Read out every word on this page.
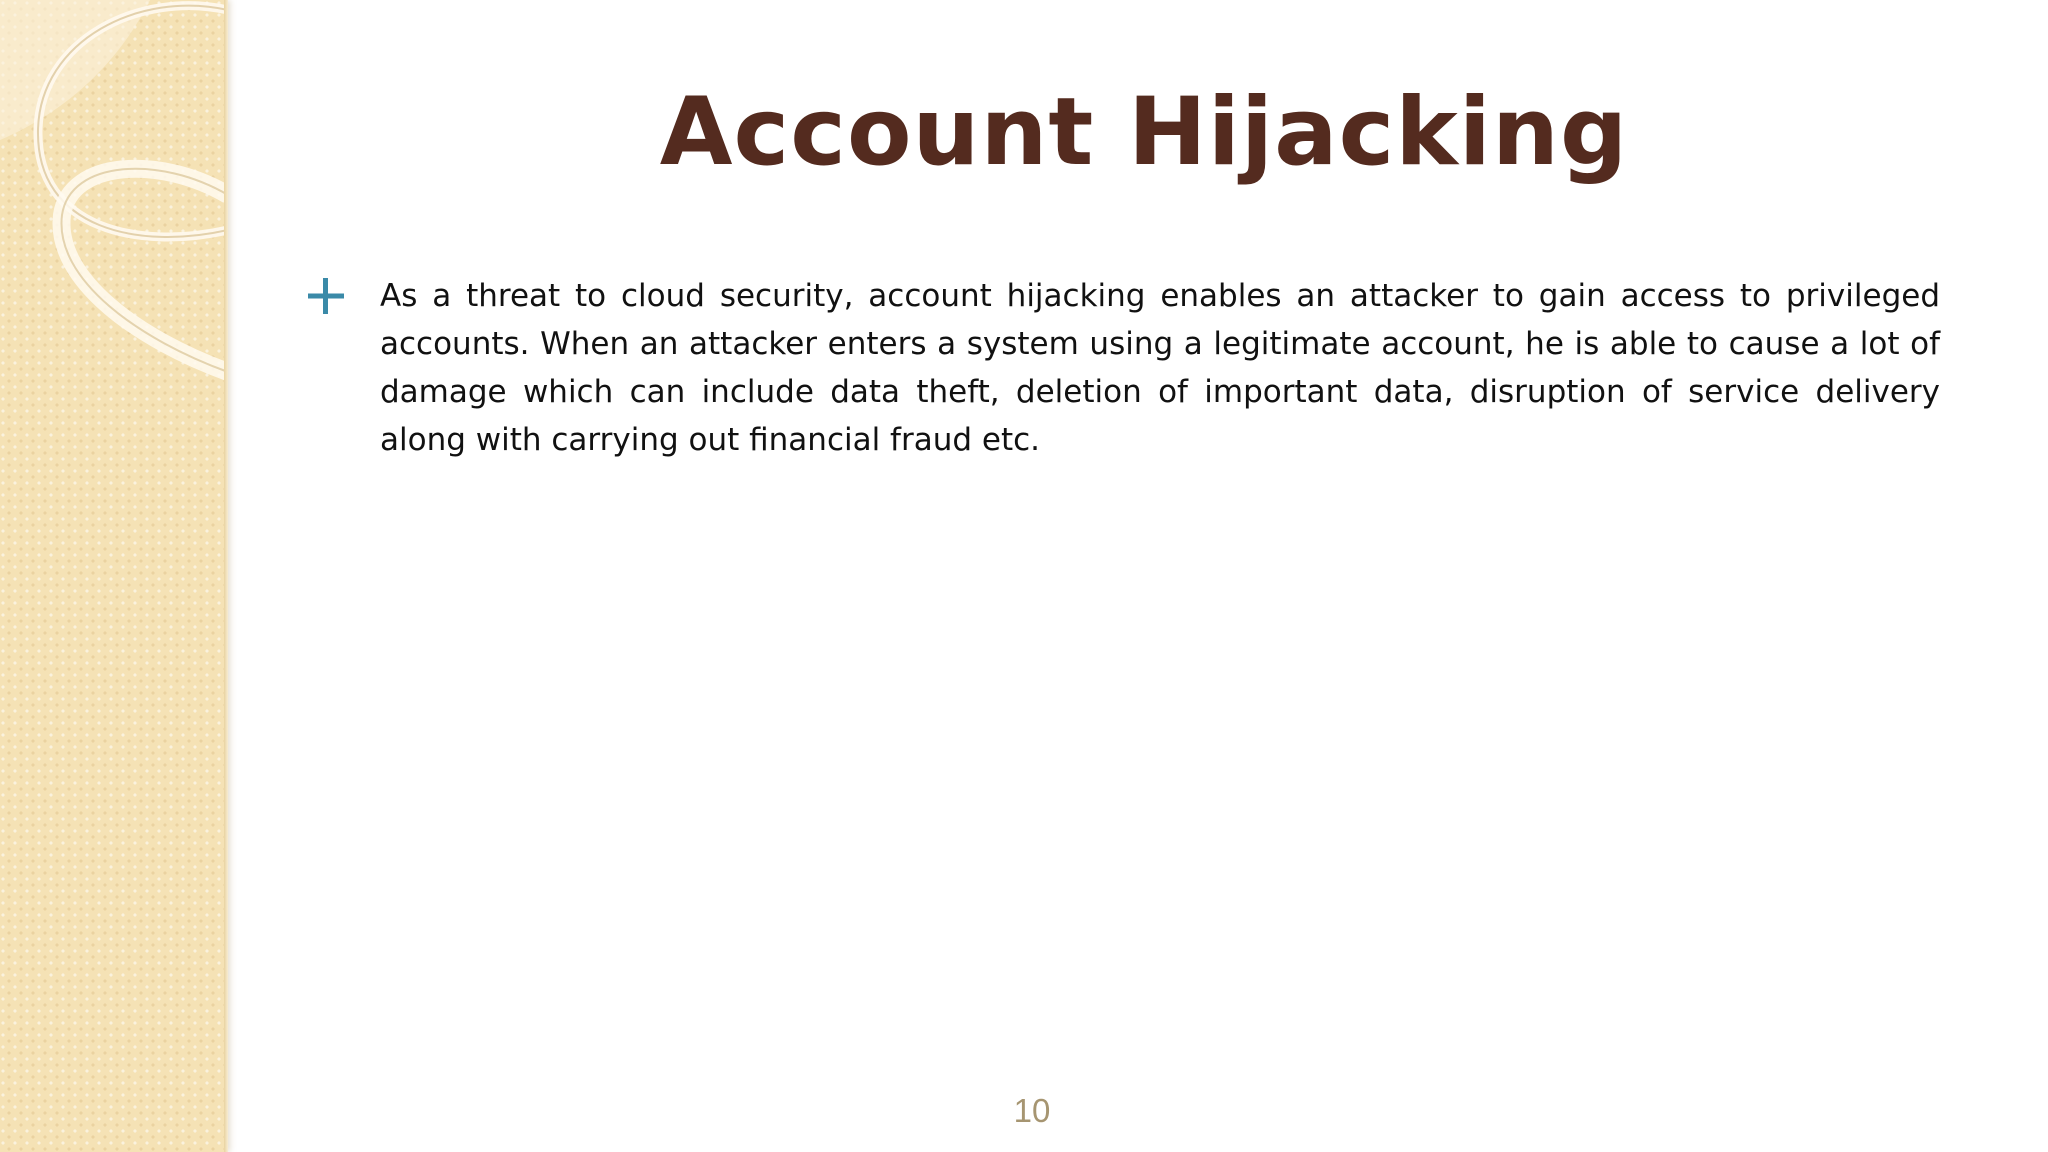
Account Hijacking

As a threat to cloud security, account hijacking enables an attacker to gain access to privileged accounts. When an attacker enters a system using a legitimate account, he is able to cause a lot of damage which can include data theft, deletion of important data, disruption of service delivery along with carrying out financial fraud etc.

10
